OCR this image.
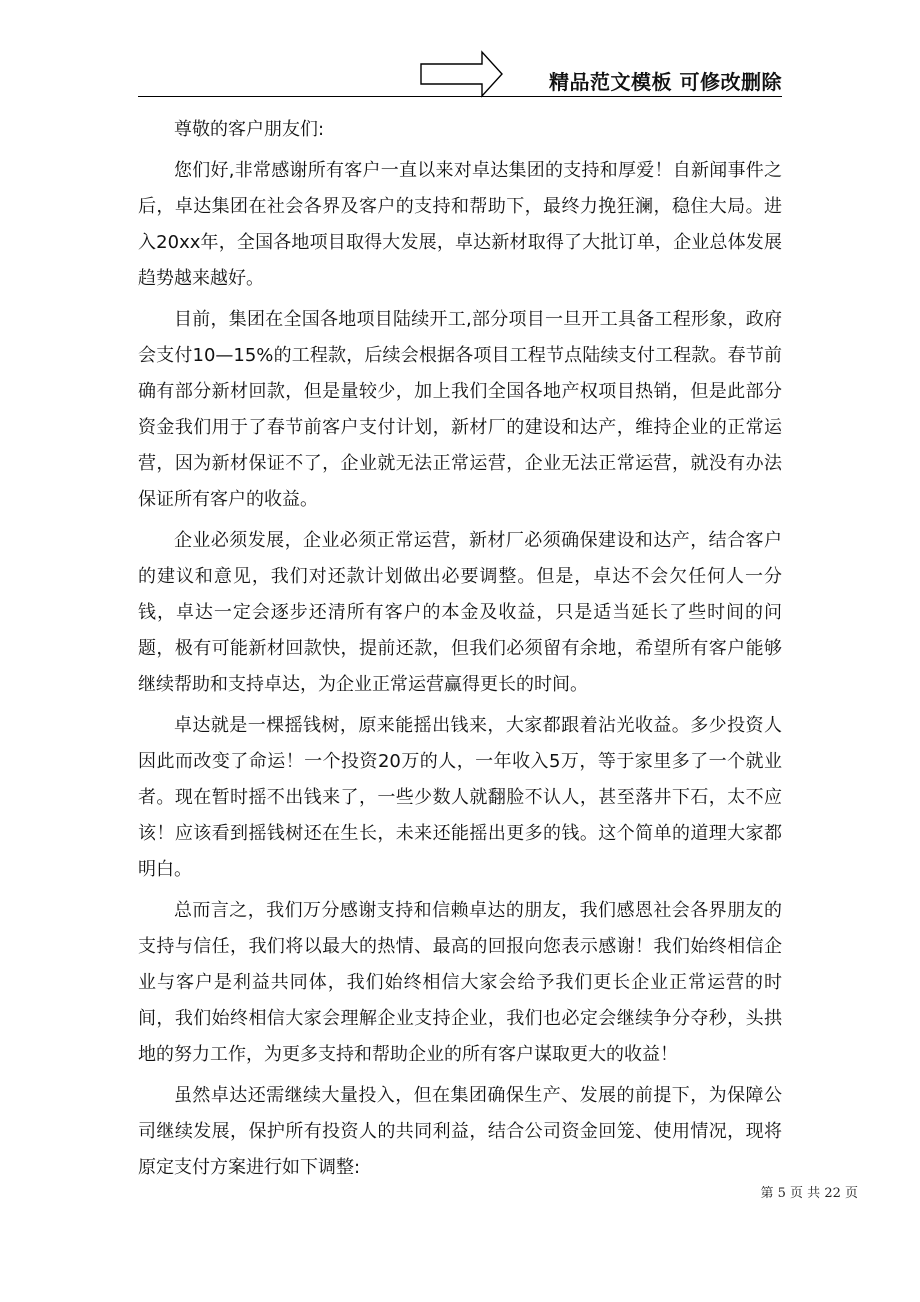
精品范文模板 可修改删除

尊敬的客户朋友们:

您们好,非常感谢所有客户一直以来对卓达集团的支持和厚爱！自新闻事件之后，卓达集团在社会各界及客户的支持和帮助下，最终力挽狂澜，稳住大局。进入20xx年，全国各地项目取得大发展，卓达新材取得了大批订单，企业总体发展趋势越来越好。

目前，集团在全国各地项目陆续开工,部分项目一旦开工具备工程形象，政府会支付10—15%的工程款，后续会根据各项目工程节点陆续支付工程款。春节前确有部分新材回款，但是量较少，加上我们全国各地产权项目热销，但是此部分资金我们用于了春节前客户支付计划，新材厂的建设和达产，维持企业的正常运营，因为新材保证不了，企业就无法正常运营，企业无法正常运营，就没有办法保证所有客户的收益。

企业必须发展，企业必须正常运营，新材厂必须确保建设和达产，结合客户的建议和意见，我们对还款计划做出必要调整。但是，卓达不会欠任何人一分钱，卓达一定会逐步还清所有客户的本金及收益，只是适当延长了些时间的问题，极有可能新材回款快，提前还款，但我们必须留有余地，希望所有客户能够继续帮助和支持卓达，为企业正常运营赢得更长的时间。

卓达就是一棵摇钱树，原来能摇出钱来，大家都跟着沾光收益。多少投资人因此而改变了命运！一个投资20万的人，一年收入5万，等于家里多了一个就业者。现在暂时摇不出钱来了，一些少数人就翻脸不认人，甚至落井下石，太不应该！应该看到摇钱树还在生长，未来还能摇出更多的钱。这个简单的道理大家都明白。

总而言之，我们万分感谢支持和信赖卓达的朋友，我们感恩社会各界朋友的支持与信任，我们将以最大的热情、最高的回报向您表示感谢！我们始终相信企业与客户是利益共同体，我们始终相信大家会给予我们更长企业正常运营的时间，我们始终相信大家会理解企业支持企业，我们也必定会继续争分夺秒，头拱地的努力工作，为更多支持和帮助企业的所有客户谋取更大的收益！

虽然卓达还需继续大量投入，但在集团确保生产、发展的前提下，为保障公司继续发展，保护所有投资人的共同利益，结合公司资金回笼、使用情况，现将原定支付方案进行如下调整:

第 5 页 共 22 页
